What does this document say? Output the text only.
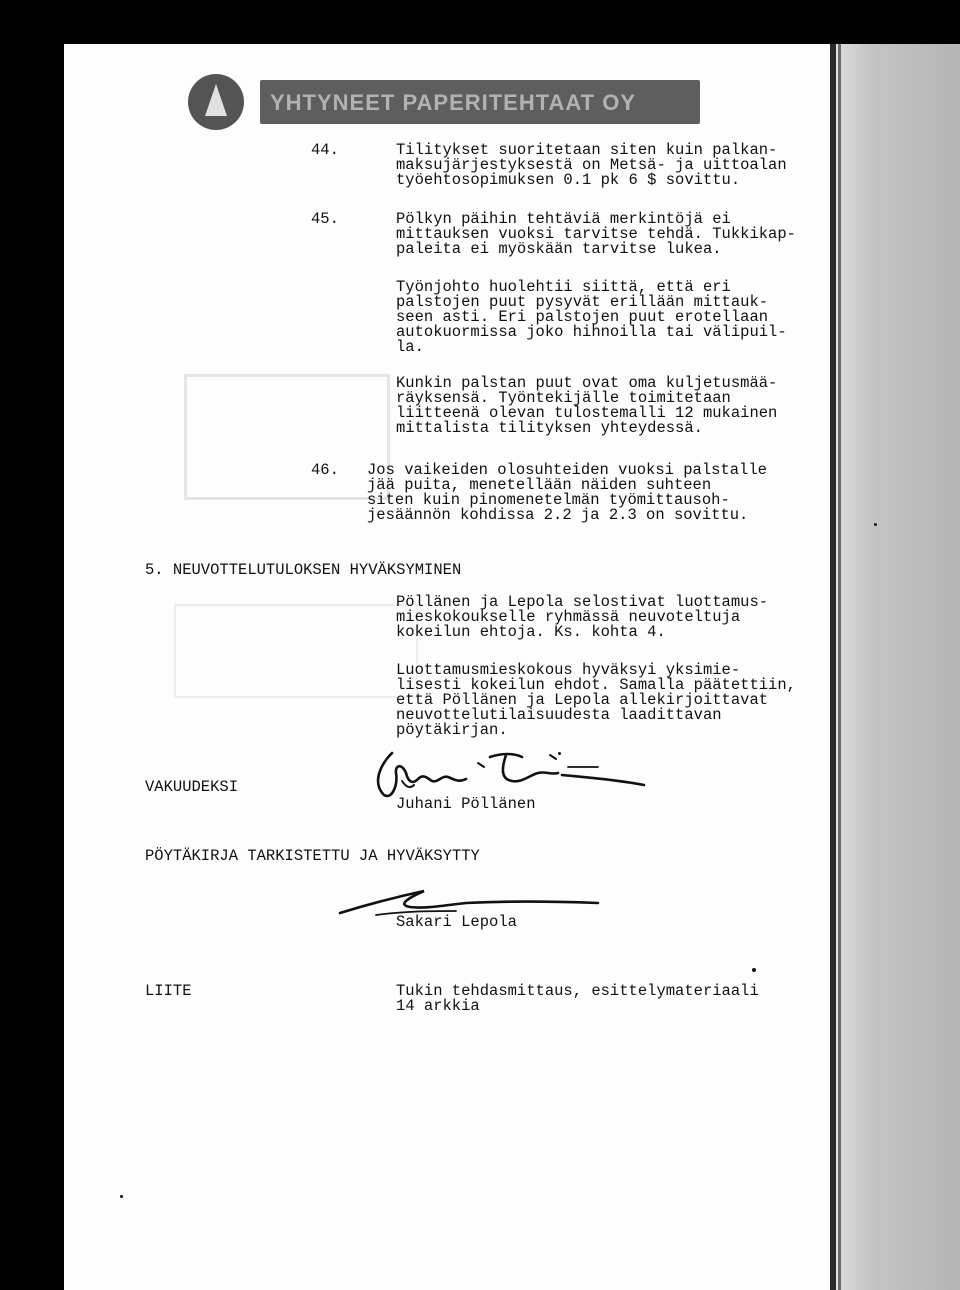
YHTYNEET PAPERITEHTAAT OY
44.	Tilitykset suoritetaan siten kuin palkan-
maksujärjestyksestä on Metsä- ja uittoalan
työehtosopimuksen 0.1 pk 6 $ sovittu.
45.	Pölkyn päihin tehtäviä merkintöjä ei
mittauksen vuoksi tarvitse tehdä. Tukkikap-
paleita ei myöskään tarvitse lukea.
Työnjohto huolehtii siittä, että eri
palstojen puut pysyvät erillään mittauk-
seen asti. Eri palstojen puut erotellaan
autokuormissa joko hihnoilla tai välipuil-
la.
Kunkin palstan puut ovat oma kuljetusmää-
räyksensä. Työntekijälle toimitetaan
liitteenä olevan tulostemalli 12 mukainen
mittalista tilityksen yhteydessä.
46. Jos vaikeiden olosuhteiden vuoksi palstalle
jää puita, menetellään näiden suhteen
siten kuin pinomenetelmän työmittausoh-
jesäännön kohdissa 2.2 ja 2.3 on sovittu.
5. NEUVOTTELUTULOKSEN HYVÄKSYMINEN
Pöllänen ja Lepola selostivat luottamus-
mieskokoukselle ryhmässä neuvoteltuja
kokeilun ehtoja. Ks. kohta 4.
Luottamusmieskokous hyväksyi yksimie-
lisesti kokeilun ehdot. Samalla päätettiin,
että Pöllänen ja Lepola allekirjoittavat
neuvottelutilaisuudesta laadittavan
pöytäkirjan.
VAKUUDEKSI
Juhani Pöllänen
PÖYTÄKIRJA TARKISTETTU JA HYVÄKSYTTY
Sakari Lepola
LIITE	Tukin tehdasmittaus, esittelymateriaali
14 arkkia
